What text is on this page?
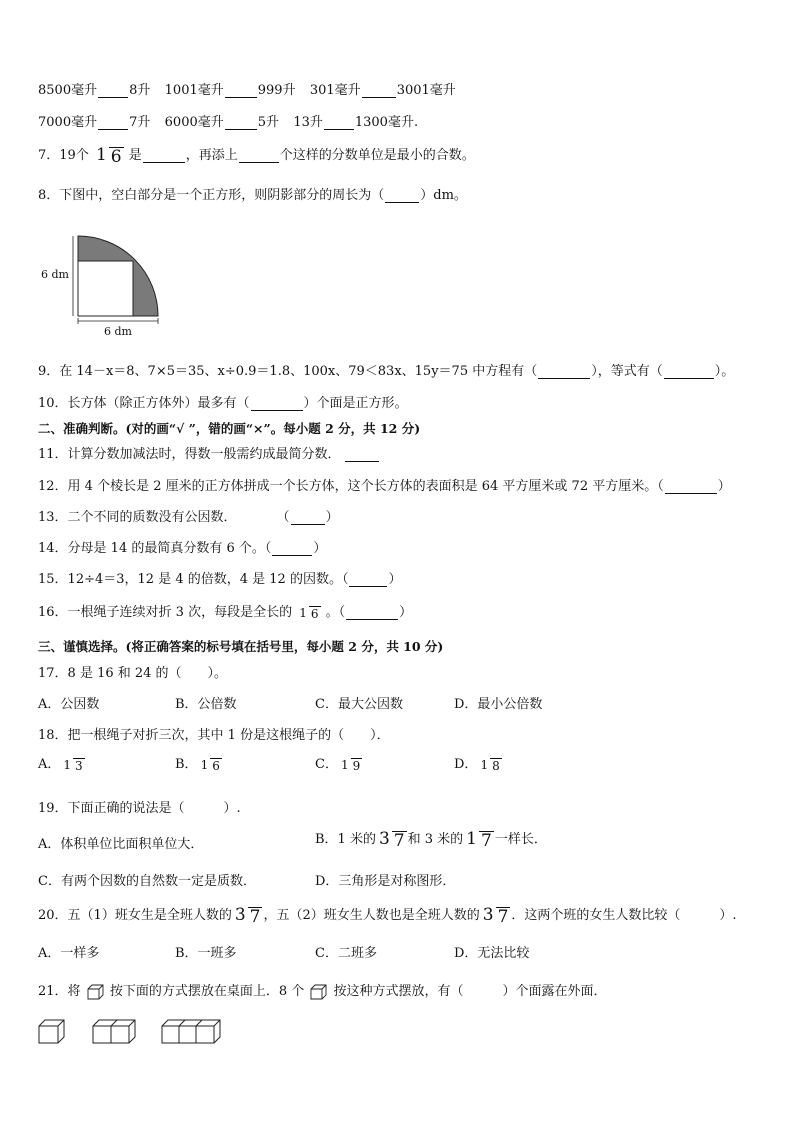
8500毫升 8升 1001毫升	999升 301毫升	3001毫升
7000毫升 7升 6000毫升	5升 13升 1300毫升.
7．19个 1 6 是	，再添上	个这样的分数单位是最小的合数。
8．下图中，空白部分是一个正方形，则阴影部分的周长为（	）dm。
6 dm
6 dm
9．在 14－x＝8、7×5＝35、x÷0.9＝1.8、100x、79＜83x、15y＝75 中方程有（	），等式有（	）。
10．长方体（除正方体外）最多有（	）个面是正方形。
二、准确判断。(对的画“√ ”，错的画“×”。每小题 2 分，共 12 分)
11．计算分数加减法时，得数一般需约成最简分数．
12．用 4 个棱长是 2 厘米的正方体拼成一个长方体，这个长方体的表面积是 64 平方厘米或 72 平方厘米。（	）
13．二个不同的质数没有公因数．	（	）
14．分母是 14 的最简真分数有 6 个。（	）
15．12÷4＝3，12 是 4 的倍数，4 是 12 的因数。（	）
16．一根绳子连续对折 3 次，每段是全长的 1 6 。（	）
三、谨慎选择。(将正确答案的标号填在括号里，每小题 2 分，共 10 分)
17．8 是 16 和 24 的（　　）。
A．公因数	B．公倍数	C．最大公因数	D．最小公倍数
18．把一根绳子对折三次，其中 1 份是这根绳子的（　　）．
A． 1 3	B． 1 6	C． 1 9	D． 1 8
19．下面正确的说法是（　　　）.
A．体积单位比面积单位大．	B．1 米的 3 7 和 3 米的 1 7 一样长．
C．有两个因数的自然数一定是质数．	D．三角形是对称图形．
20．五（1）班女生是全班人数的 3 7 ，五（2）班女生人数也是全班人数的 3 7 ．这两个班的女生人数比较（　　　）.
A．一样多	B．一班多	C．二班多	D．无法比较
21．将 按下面的方式摆放在桌面上．8 个 按这种方式摆放，有（　　　）个面露在外面．
